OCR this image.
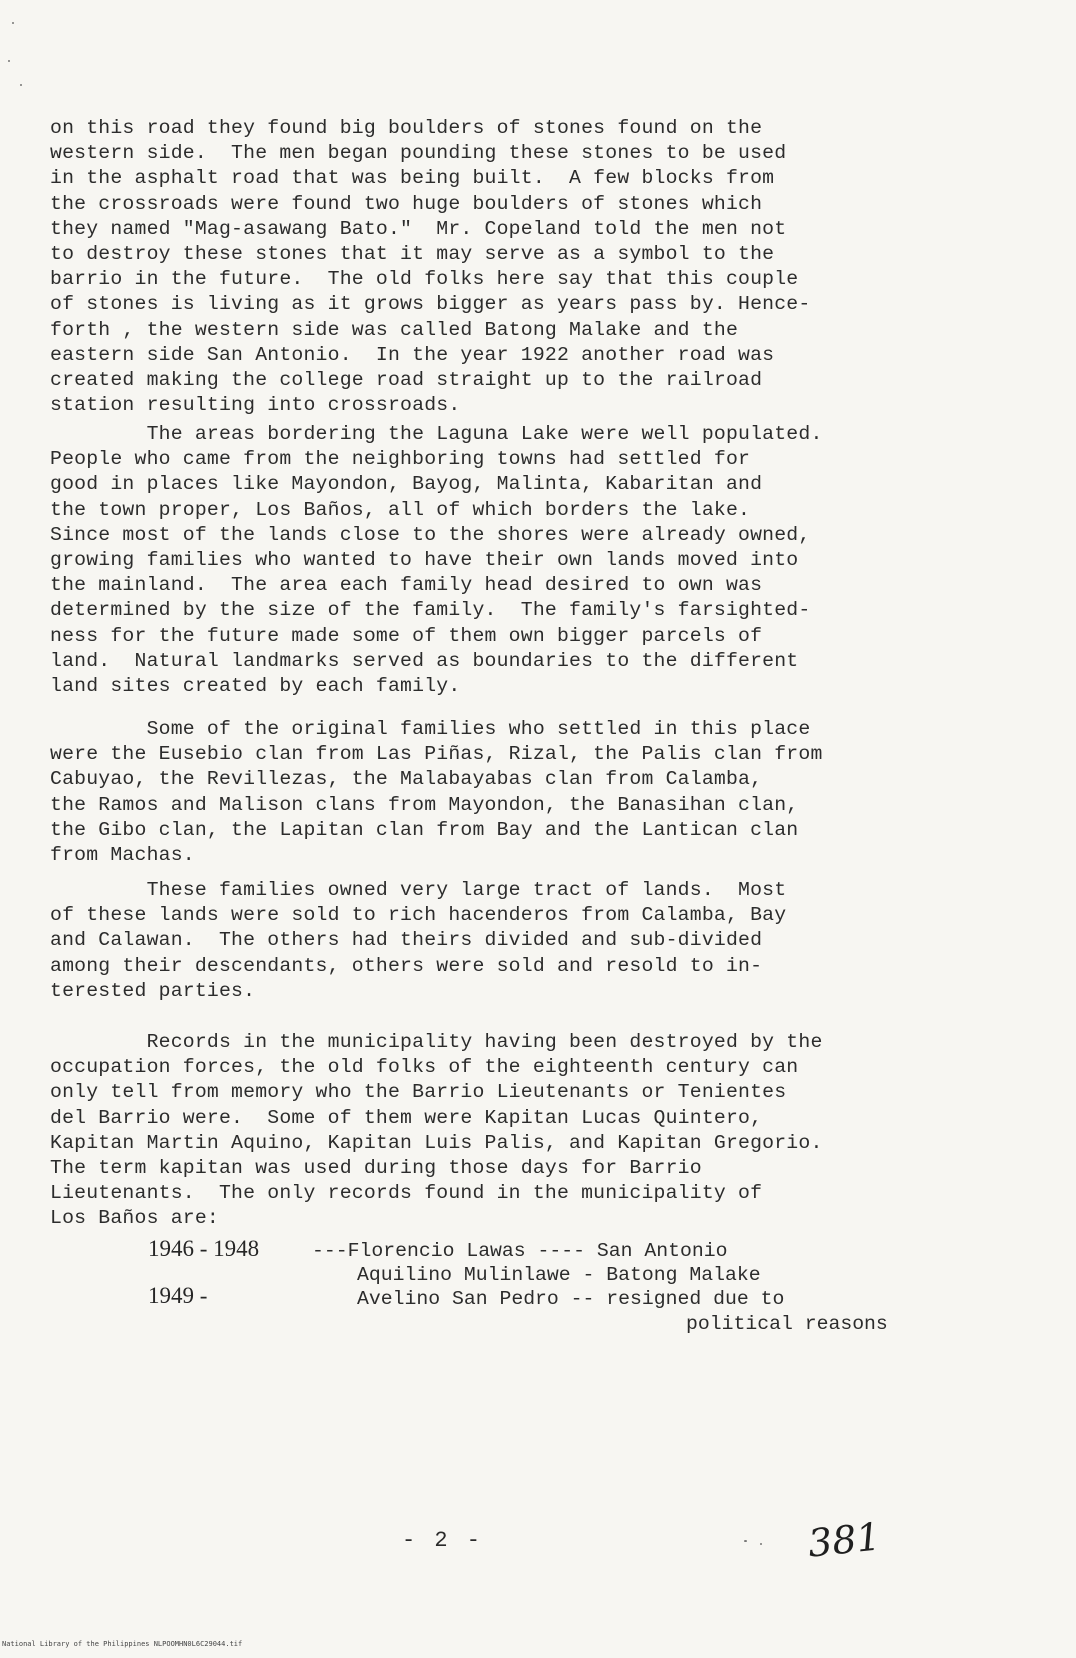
on this road they found big boulders of stones found on the
western side.  The men began pounding these stones to be used
in the asphalt road that was being built.  A few blocks from
the crossroads were found two huge boulders of stones which
they named "Mag-asawang Bato."  Mr. Copeland told the men not
to destroy these stones that it may serve as a symbol to the
barrio in the future.  The old folks here say that this couple
of stones is living as it grows bigger as years pass by. Hence-
forth , the western side was called Batong Malake and the
eastern side San Antonio.  In the year 1922 another road was
created making the college road straight up to the railroad
station resulting into crossroads.
The areas bordering the Laguna Lake were well populated.
People who came from the neighboring towns had settled for
good in places like Mayondon, Bayog, Malinta, Kabaritan and
the town proper, Los Baños, all of which borders the lake.
Since most of the lands close to the shores were already owned,
growing families who wanted to have their own lands moved into
the mainland.  The area each family head desired to own was
determined by the size of the family.  The family's farsighted-
ness for the future made some of them own bigger parcels of
land.  Natural landmarks served as boundaries to the different
land sites created by each family.
Some of the original families who settled in this place
were the Eusebio clan from Las Piñas, Rizal, the Palis clan from
Cabuyao, the Revillezas, the Malabayabas clan from Calamba,
the Ramos and Malison clans from Mayondon, the Banasihan clan,
the Gibo clan, the Lapitan clan from Bay and the Lantican clan
from Machas.
These families owned very large tract of lands.  Most
of these lands were sold to rich hacenderos from Calamba, Bay
and Calawan.  The others had theirs divided and sub-divided
among their descendants, others were sold and resold to in-
terested parties.
Records in the municipality having been destroyed by the
occupation forces, the old folks of the eighteenth century can
only tell from memory who the Barrio Lieutenants or Tenientes
del Barrio were.  Some of them were Kapitan Lucas Quintero,
Kapitan Martin Aquino, Kapitan Luis Palis, and Kapitan Gregorio.
The term kapitan was used during those days for Barrio
Lieutenants.  The only records found in the municipality of
Los Baños are:
1946 - 1948	---Florencio Lawas ---- San Antonio
Aquilino Mulinlawe - Batong Malake
1949 -	Avelino San Pedro -- resigned due to
political reasons
- 2 -	381
National Library of the Philippines NLPOOMHN0L6C29044.tif
